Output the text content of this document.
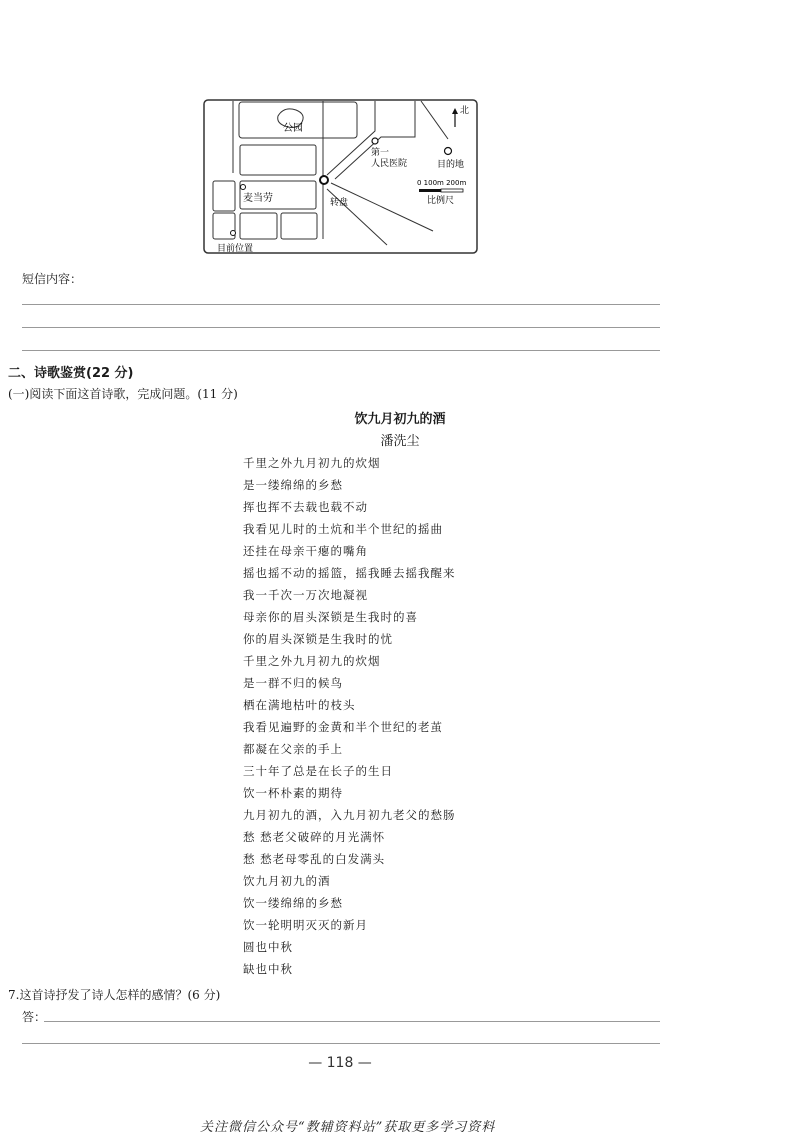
公园
北
第一
人民医院	目的地
0 100m 200m
比例尺
麦当劳	转盘
目前位置
短信内容：
二、诗歌鉴赏(22 分)
(一)阅读下面这首诗歌，完成问题。(11 分)
饮九月初九的酒
潘洗尘
千里之外九月初九的炊烟
是一缕绵绵的乡愁
挥也挥不去载也载不动
我看见儿时的土炕和半个世纪的摇曲
还挂在母亲干瘪的嘴角
摇也摇不动的摇篮，摇我睡去摇我醒来
我一千次一万次地凝视
母亲你的眉头深锁是生我时的喜
你的眉头深锁是生我时的忧
千里之外九月初九的炊烟
是一群不归的候鸟
栖在满地枯叶的枝头
我看见遍野的金黄和半个世纪的老茧
都凝在父亲的手上
三十年了总是在长子的生日
饮一杯朴素的期待
九月初九的酒，入九月初九老父的愁肠
愁 愁老父破碎的月光满怀
愁 愁老母零乱的白发满头
饮九月初九的酒
饮一缕绵绵的乡愁
饮一轮明明灭灭的新月
圆也中秋
缺也中秋
7.这首诗抒发了诗人怎样的感情？(6 分)
答：
— 118 —
关注微信公众号“教辅资料站”获取更多学习资料
